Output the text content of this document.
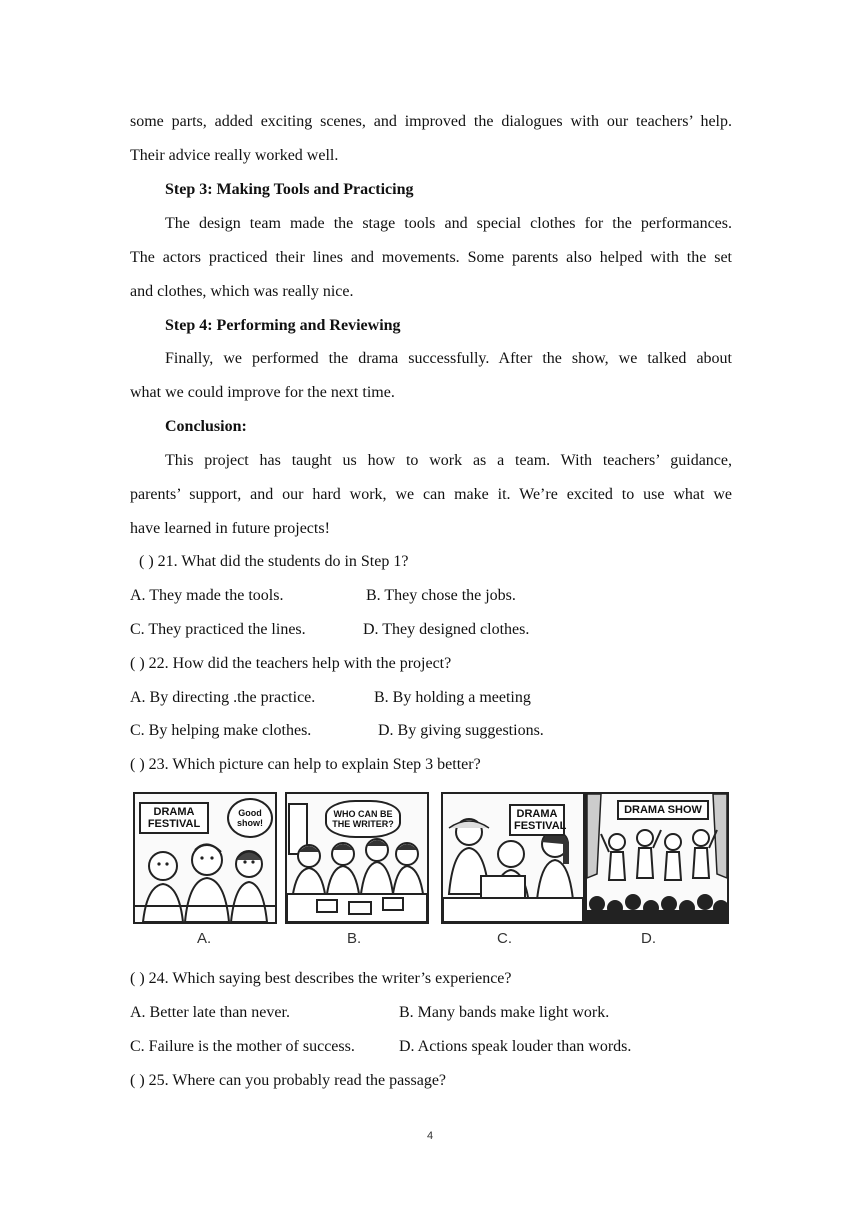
some parts, added exciting scenes, and improved the dialogues with our teachers’ help.
Their advice really worked well.
Step 3: Making Tools and Practicing
The design team made the stage tools and special clothes for the performances.
The actors practiced their lines and movements. Some parents also helped with the set
and clothes, which was really nice.
Step 4: Performing and Reviewing
Finally, we performed the drama successfully. After the show, we talked about
what we could improve for the next time.
Conclusion:
This project has taught us how to work as a team. With teachers’ guidance,
parents’ support, and our hard work, we can make it. We’re excited to use what we
have learned in future projects!
( ) 21. What did the students do in Step 1?
A. They made the tools.	B. They chose the jobs.
C. They practiced the lines.	D. They designed clothes.
( ) 22. How did the teachers help with the project?
A. By directing .the practice.	B. By holding a meeting
C. By helping make clothes.	D. By giving suggestions.
( ) 23. Which picture can help to explain Step 3 better?
DRAMA FESTIVAL
Good show!
A.
WHO CAN BE THE WRITER?
B.
DRAMA FESTIVAL
C.
DRAMA SHOW
D.
( ) 24. Which saying best describes the writer’s experience?
A. Better late than never.	B. Many bands make light work.
C. Failure is the mother of success.	D. Actions speak louder than words.
( ) 25. Where can you probably read the passage?
4
